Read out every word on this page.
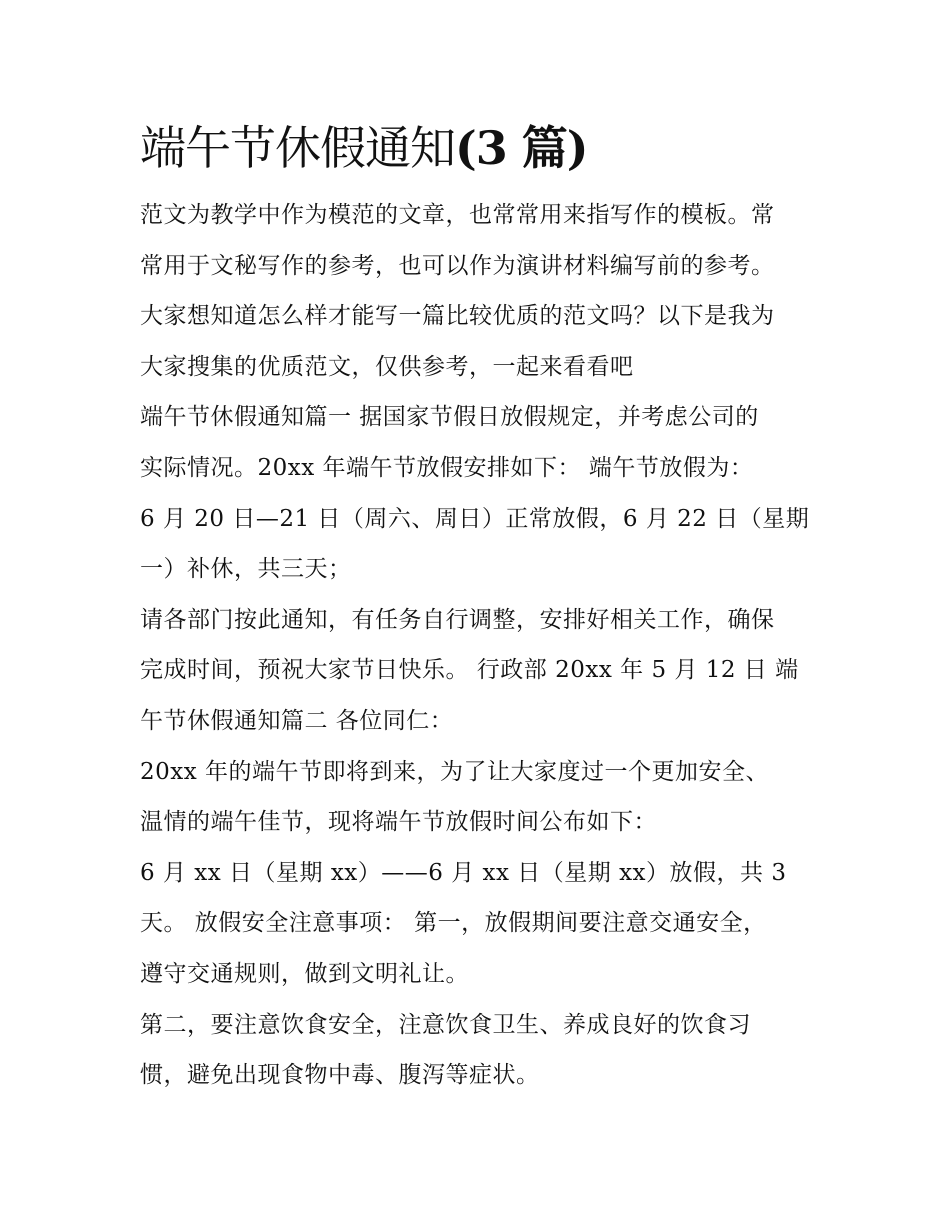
端午节休假通知(3 篇)
范文为教学中作为模范的文章，也常常用来指写作的模板。常
常用于文秘写作的参考，也可以作为演讲材料编写前的参考。
大家想知道怎么样才能写一篇比较优质的范文吗？以下是我为
大家搜集的优质范文，仅供参考，一起来看看吧
端午节休假通知篇一 据国家节假日放假规定，并考虑公司的
实际情况。20xx 年端午节放假安排如下： 端午节放假为：
6 月 20 日—21 日（周六、周日）正常放假，6 月 22 日（星期
一）补休，共三天；
请各部门按此通知，有任务自行调整，安排好相关工作，确保
完成时间，预祝大家节日快乐。 行政部 20xx 年 5 月 12 日 端
午节休假通知篇二 各位同仁：
20xx 年的端午节即将到来，为了让大家度过一个更加安全、
温情的端午佳节，现将端午节放假时间公布如下：
6 月 xx 日（星期 xx）——6 月 xx 日（星期 xx）放假，共 3
天。 放假安全注意事项： 第一，放假期间要注意交通安全，
遵守交通规则，做到文明礼让。
第二，要注意饮食安全，注意饮食卫生、养成良好的饮食习
惯，避免出现食物中毒、腹泻等症状。
